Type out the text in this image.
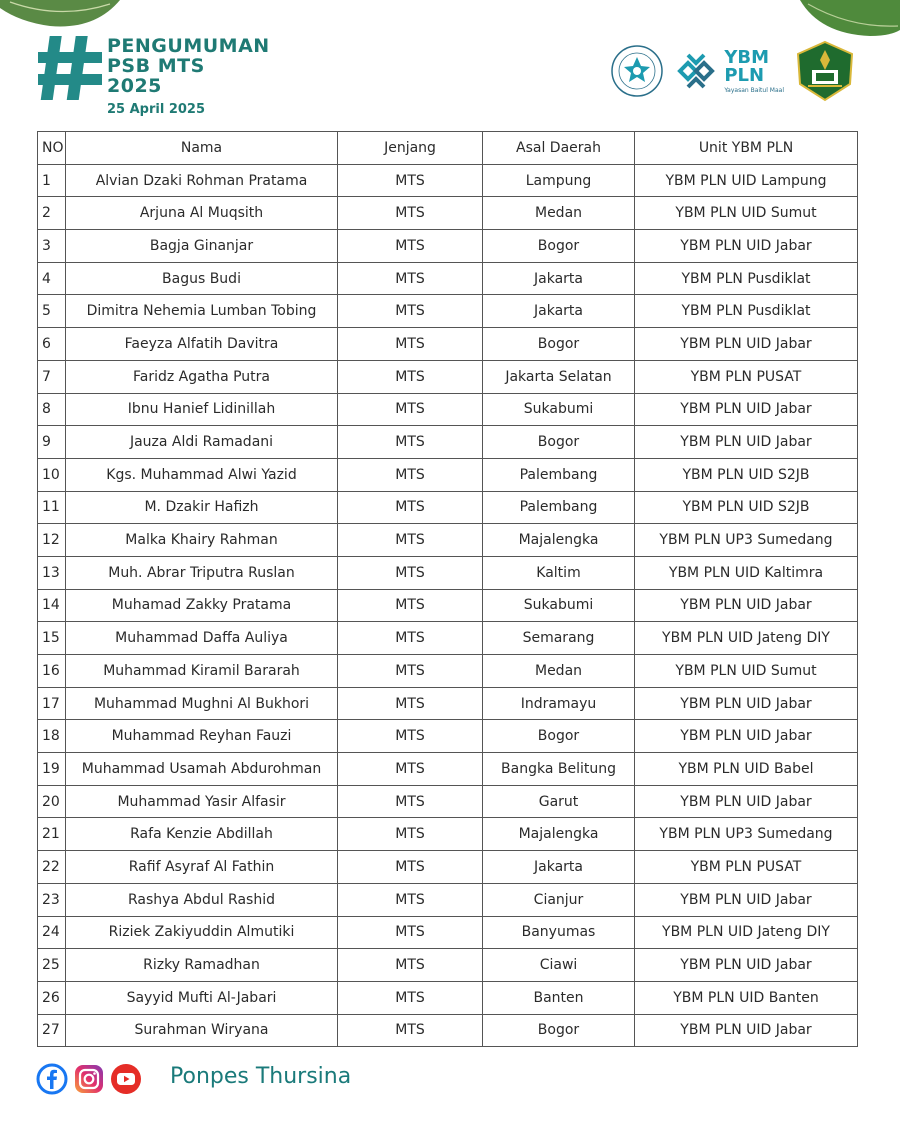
PENGUMUMAN
PSB MTS
2025
25 April 2025
YBM
PLN
Yayasan Baitul Maal
NO	Nama	Jenjang	Asal Daerah	Unit YBM PLN
1	Alvian Dzaki Rohman Pratama	MTS	Lampung	YBM PLN UID Lampung
2	Arjuna Al Muqsith	MTS	Medan	YBM PLN UID Sumut
3	Bagja Ginanjar	MTS	Bogor	YBM PLN UID Jabar
4	Bagus Budi	MTS	Jakarta	YBM PLN Pusdiklat
5	Dimitra Nehemia Lumban Tobing	MTS	Jakarta	YBM PLN Pusdiklat
6	Faeyza Alfatih Davitra	MTS	Bogor	YBM PLN UID Jabar
7	Faridz Agatha Putra	MTS	Jakarta Selatan	YBM PLN PUSAT
8	Ibnu Hanief Lidinillah	MTS	Sukabumi	YBM PLN UID Jabar
9	Jauza Aldi Ramadani	MTS	Bogor	YBM PLN UID Jabar
10	Kgs. Muhammad Alwi Yazid	MTS	Palembang	YBM PLN UID S2JB
11	M. Dzakir Hafizh	MTS	Palembang	YBM PLN UID S2JB
12	Malka Khairy Rahman	MTS	Majalengka	YBM PLN UP3 Sumedang
13	Muh. Abrar Triputra Ruslan	MTS	Kaltim	YBM PLN UID Kaltimra
14	Muhamad Zakky Pratama	MTS	Sukabumi	YBM PLN UID Jabar
15	Muhammad Daffa Auliya	MTS	Semarang	YBM PLN UID Jateng DIY
16	Muhammad Kiramil Bararah	MTS	Medan	YBM PLN UID Sumut
17	Muhammad Mughni Al Bukhori	MTS	Indramayu	YBM PLN UID Jabar
18	Muhammad Reyhan Fauzi	MTS	Bogor	YBM PLN UID Jabar
19	Muhammad Usamah Abdurohman	MTS	Bangka Belitung	YBM PLN UID Babel
20	Muhammad Yasir Alfasir	MTS	Garut	YBM PLN UID Jabar
21	Rafa Kenzie Abdillah	MTS	Majalengka	YBM PLN UP3 Sumedang
22	Rafif Asyraf Al Fathin	MTS	Jakarta	YBM PLN PUSAT
23	Rashya Abdul Rashid	MTS	Cianjur	YBM PLN UID Jabar
24	Riziek Zakiyuddin Almutiki	MTS	Banyumas	YBM PLN UID Jateng DIY
25	Rizky Ramadhan	MTS	Ciawi	YBM PLN UID Jabar
26	Sayyid Mufti Al-Jabari	MTS	Banten	YBM PLN UID Banten
27	Surahman Wiryana	MTS	Bogor	YBM PLN UID Jabar
Ponpes Thursina
